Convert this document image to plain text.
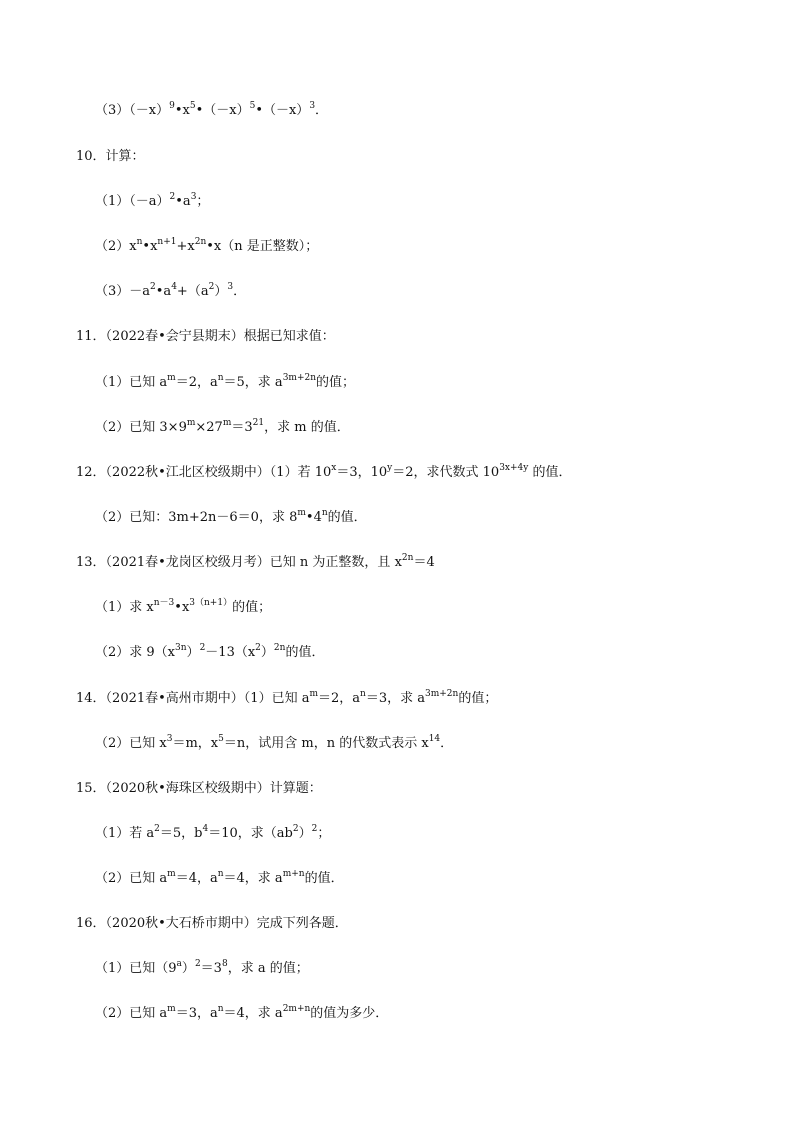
$(3)(-x)^9•x^5•(-x)^5•(-x)^3$．
10．计算：
$(1)(-a)^2•a^3$；
$(2)x^n•x^{n+1}+x^{2n}•x(n$ 是正整数）；
$(3)-a^2•a^4+(a^2)^3$．
11．（2022春•会宁县期末）根据已知求值：
（1）已知 $a^m=2$，$a^n=5$，求 $a^{3m+2n}$的值；
（2）已知 $3\times 9^m\times 27^m=3^{21}$，求 m 的值．
12．（2022秋•江北区校级期中）（1）若 $10^x=3$，$10^y=2$，求代数式 $10^{3x+4y}$ 的值．
（2）已知：3m+2n－6＝0，求 8$^m$•4$^n$的值．
13．（2021春•龙岗区校级月考）已知 n 为正整数，且 $x^{2n}=4$
（1）求 $x^{n-3}•x^{3(n+1)}$的值；
（2）求 $9(x^{3n})^2-13(x^2)^{2n}$的值．
14．（2021春•高州市期中）（1）已知 $a^m=2$，$a^n=3$，求 $a^{3m+2n}$的值；
（2）已知 $x^3=m$，$x^5=n$，试用含 m，n 的代数式表示 $x^{14}$．
15．（2020秋•海珠区校级期中）计算题：
（1）若 $a^2=5$，$b^4=10$，求$(ab^2)^2$；
（2）已知 $a^m=4$，$a^n=4$，求 $a^{m+n}$的值．
16．（2020秋•大石桥市期中）完成下列各题．
（1）已知$(9^a)^2=3^8$，求 a 的值；
（2）已知 $a^m=3$，$a^n=4$，求 $a^{2m+n}$的值为多少．
